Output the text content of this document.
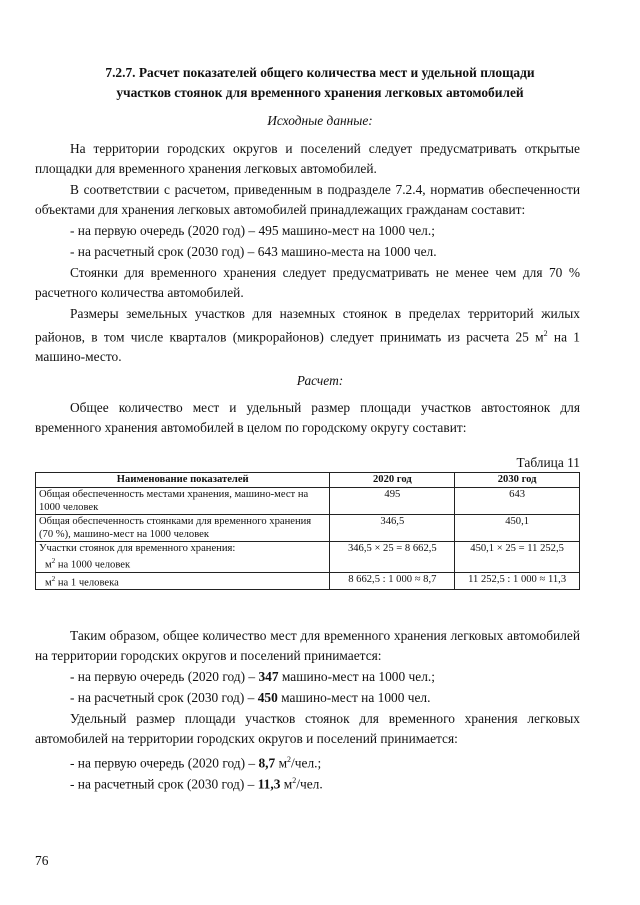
7.2.7. Расчет показателей общего количества мест и удельной площади
участков стоянок для временного хранения легковых автомобилей
Исходные данные:
На территории городских округов и поселений следует предусматривать открытые площадки для временного хранения легковых автомобилей.
В соответствии с расчетом, приведенным в подразделе 7.2.4, норматив обеспеченности объектами для хранения легковых автомобилей принадлежащих гражданам составит:
- на первую очередь (2020 год) – 495 машино-мест на 1000 чел.;
- на расчетный срок (2030 год) – 643 машино-места на 1000 чел.
Стоянки для временного хранения следует предусматривать не менее чем для 70 % расчетного количества автомобилей.
Размеры земельных участков для наземных стоянок в пределах территорий жилых районов, в том числе кварталов (микрорайонов) следует принимать из расчета 25 $м^2$ на 1 машино-место.
Расчет:
Общее количество мест и удельный размер площади участков автостоянок для временного хранения автомобилей в целом по городскому округу составит:
Таблица 11
Наименование показателей	2020 год	2030 год
Общая обеспеченность местами хранения, машино-мест на 1000 человек	495	643
Общая обеспеченность стоянками для временного хранения (70 %), машино-мест на 1000 человек	346,5	450,1

Участки стоянок для временного хранения:
$м^2$ на 1000 человек	346,5 × 25 = 8 662,5	450,1 × 25 = 11 252,5
$м^2$ на 1 человека	8 662,5 : 1 000 ≈ 8,7	11 252,5 : 1 000 ≈ 11,3
Таким образом, общее количество мест для временного хранения легковых автомобилей на территории городских округов и поселений принимается:
- на первую очередь (2020 год) – 347 машино-мест на 1000 чел.;
- на расчетный срок (2030 год) – 450 машино-мест на 1000 чел.
Удельный размер площади участков стоянок для временного хранения легковых автомобилей на территории городских округов и поселений принимается:
- на первую очередь (2020 год) – 8,7 $м^2$/чел.;
- на расчетный срок (2030 год) – 11,3 $м^2$/чел.
76
